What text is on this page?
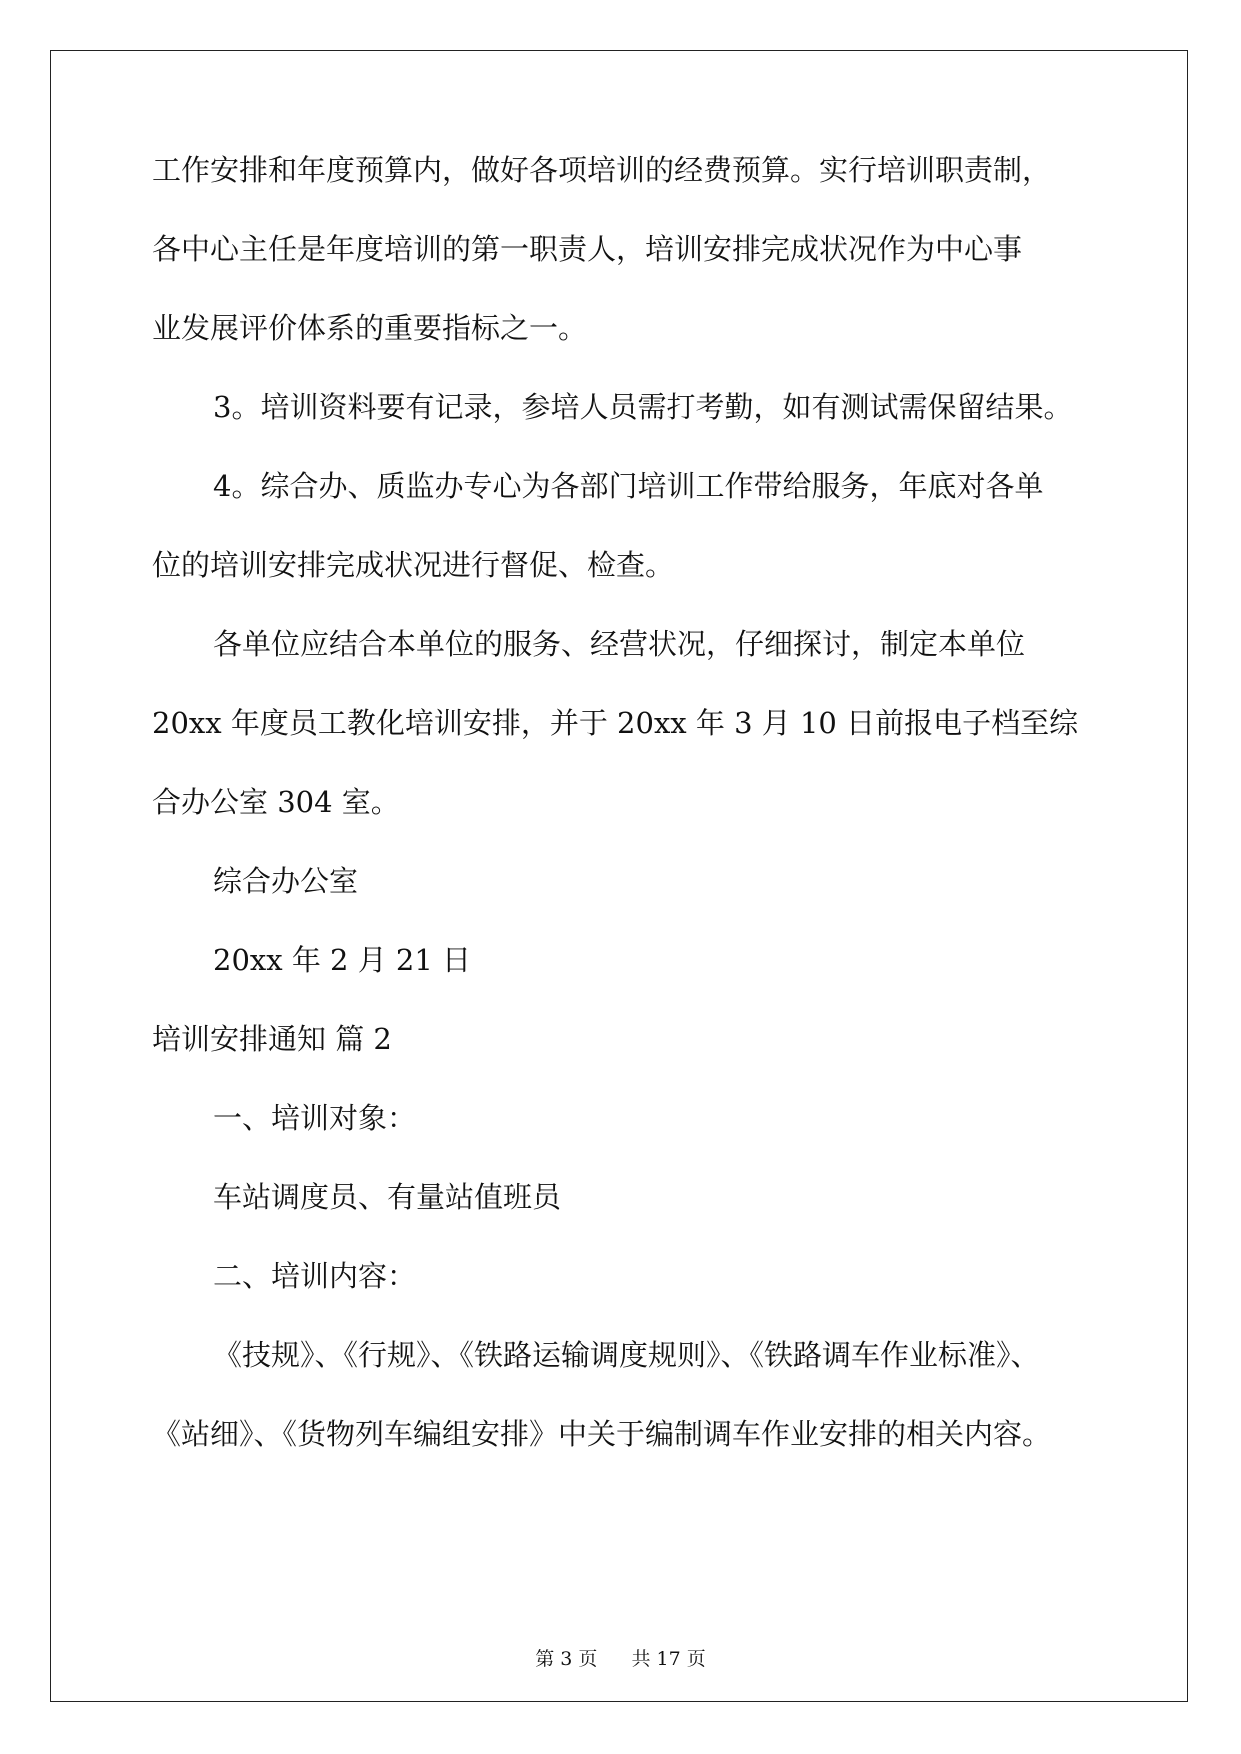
工作安排和年度预算内，做好各项培训的经费预算。实行培训职责制，
各中心主任是年度培训的第一职责人，培训安排完成状况作为中心事
业发展评价体系的重要指标之一。
3。培训资料要有记录，参培人员需打考勤，如有测试需保留结果。
4。综合办、质监办专心为各部门培训工作带给服务，年底对各单
位的培训安排完成状况进行督促、检查。
各单位应结合本单位的服务、经营状况，仔细探讨，制定本单位
20xx 年度员工教化培训安排，并于 20xx 年 3 月 10 日前报电子档至综
合办公室 304 室。
综合办公室
20xx 年 2 月 21 日
培训安排通知 篇 2
一、培训对象：
车站调度员、有量站值班员
二、培训内容：
《技规》、《行规》、《铁路运输调度规则》、《铁路调车作业标准》、
《站细》、《货物列车编组安排》中关于编制调车作业安排的相关内容。
第 3 页 共 17 页
